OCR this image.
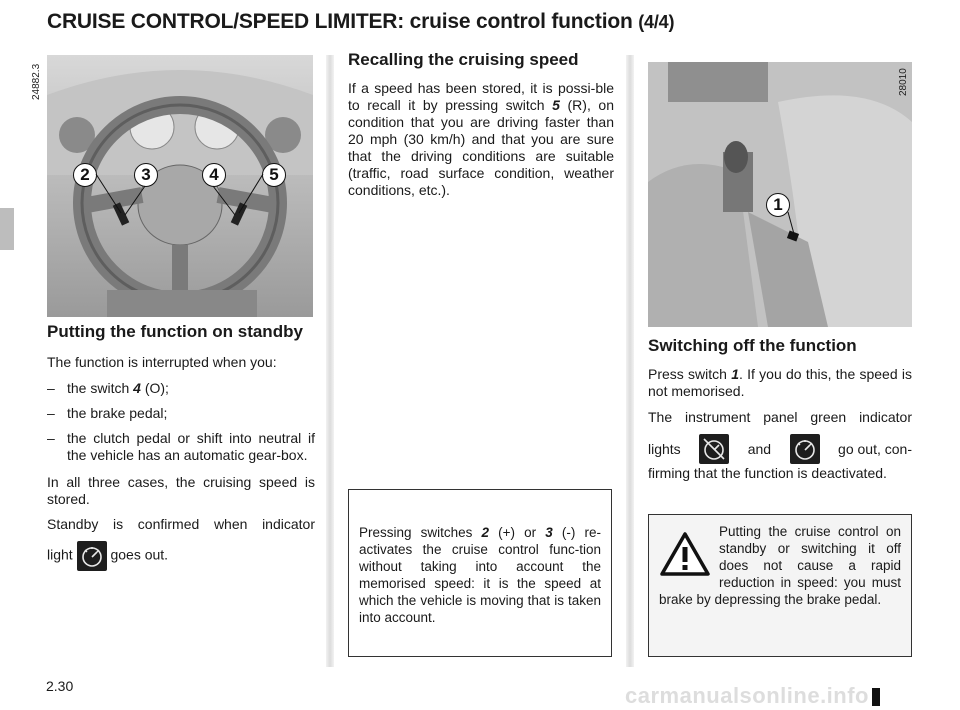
CRUISE CONTROL/SPEED LIMITER: cruise control function (4/4)
2	3	4	5
24882.3
Putting the function on standby

The function is interrupted when you:

– the switch 4 (O);
– the brake pedal;
– the clutch pedal or shift into neutral if the vehicle has an automatic gear-box.

In all three cases, the cruising speed is stored.

Standby is confirmed when indicator

light	goes out.

Recalling the cruising speed

If a speed has been stored, it is possi-ble to recall it by pressing switch 5 (R), on condition that you are driving faster than 20 mph (30 km/h) and that you are sure that the driving conditions are suitable (traffic, road surface condition, weather conditions, etc.).

Pressing switches 2 (+) or 3 (-) re-activates the cruise control func-tion without taking into account the memorised speed: it is the speed at which the vehicle is moving that is taken into account.

1
28010
Switching off the function

Press switch 1. If you do this, the speed is not memorised.

The instrument panel green indicator

lights	and	go out, con-

firming that the function is deactivated.

Putting the cruise control on standby or switching it off does not cause a rapid reduction in speed: you must brake by depressing the brake pedal.

2.30	carmanualsonline.info
